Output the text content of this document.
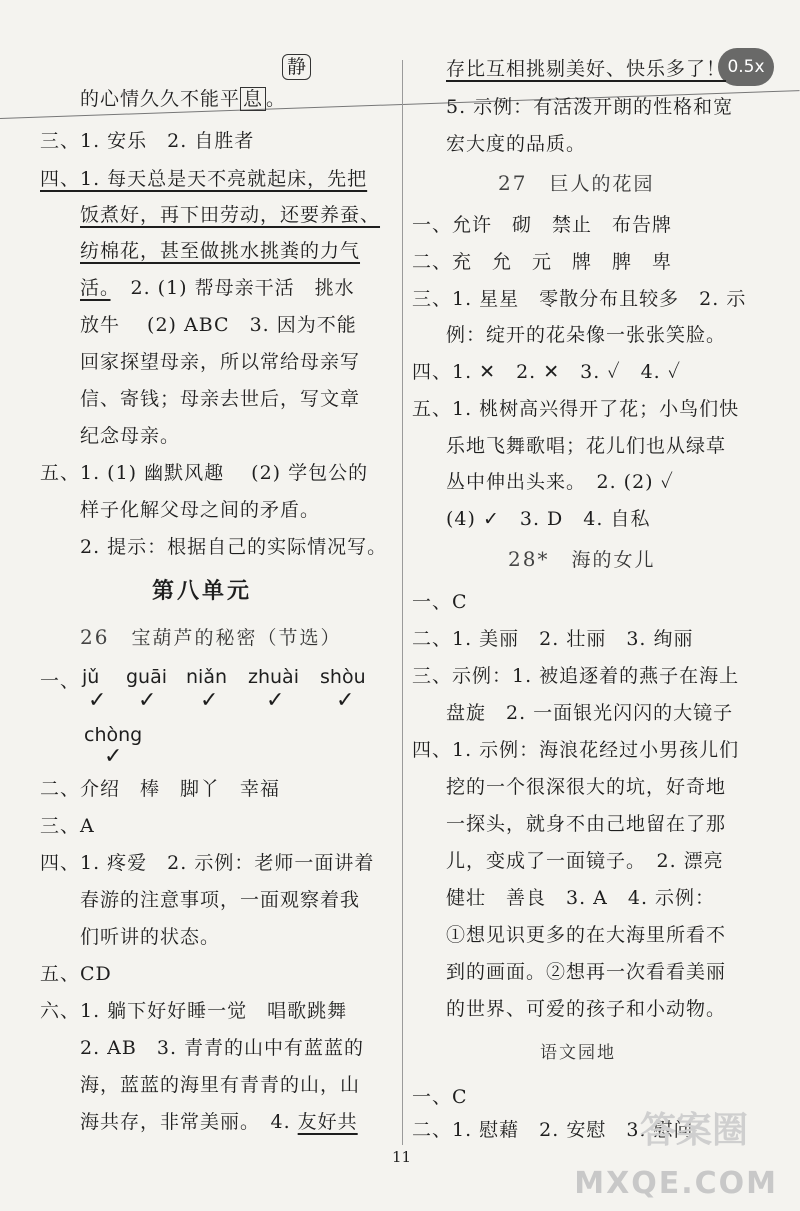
0.5x
静
的心情久久不能平 息 。
三、1. 安乐　2. 自胜者
四、1. 每天总是天不亮就起床，先把
饭煮好，再下田劳动，还要养蚕、
纺棉花，甚至做挑水挑粪的力气
活。　2. (1) 帮母亲干活　挑水
放牛　 (2) ABC　3. 因为不能
回家探望母亲，所以常给母亲写
信、寄钱；母亲去世后，写文章
纪念母亲。
五、1. (1) 幽默风趣　 (2) 学包公的
样子化解父母之间的矛盾。
2. 提示：根据自己的实际情况写。
第八单元
26 宝葫芦的秘密（节选）
一、 jǔ guāi niǎn zhuài shòu
✓ ✓ ✓ ✓ ✓
chòng
✓
二、介绍　棒　脚丫　幸福
三、A
四、1. 疼爱　2. 示例：老师一面讲着
春游的注意事项，一面观察着我
们听讲的状态。
五、CD
六、1. 躺下好好睡一觉　唱歌跳舞
2. AB　3. 青青的山中有蓝蓝的
海，蓝蓝的海里有青青的山，山
海共存，非常美丽。　4. 友好共
存比互相挑剔美好、快乐多了！
5. 示例：有活泼开朗的性格和宽
宏大度的品质。
27 巨人的花园
一、允许　砌　禁止　布告牌
二、充　允　元　牌　脾　卑
三、1. 星星　零散分布且较多　2. 示
例：绽开的花朵像一张张笑脸。
四、1. ✕　2. ✕　3. ✓　4. ✓
五、1. 桃树高兴得开了花；小鸟们快
乐地飞舞歌唱；花儿们也从绿草
丛中伸出头来。　2. (2) ✓
(4) ✓　3. D　4. 自私
28* 海的女儿
一、C
二、1. 美丽　2. 壮丽　3. 绚丽
三、示例：1. 被追逐着的燕子在海上
盘旋　2. 一面银光闪闪的大镜子
四、1. 示例：海浪花经过小男孩儿们
挖的一个很深很大的坑，好奇地
一探头，就身不由己地留在了那
儿，变成了一面镜子。　2. 漂亮
健壮　善良　3. A　4. 示例：
①想见识更多的在大海里所看不
到的画面。②想再一次看看美丽
的世界、可爱的孩子和小动物。
语文园地
一、C
二、1. 慰藉　2. 安慰　3. 慰问
11
答案圈
MXQE.COM
